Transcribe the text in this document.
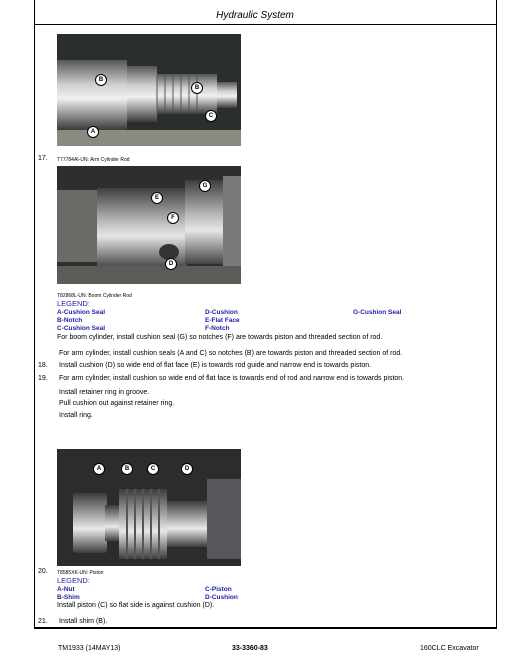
Hydraulic System
B
B
A
C
17. T77784AI-UN: Arm Cylinder Rod
G
E
F
D
T82868L-UN: Boom Cylinder Rod
LEGEND:
A-Cushion Seal
B-Notch
C-Cushion Seal
D-Cushion
E-Flat Face
F-Notch
G-Cushion Seal
For boom cylinder, install cushion seal (G) so notches (F) are towards piston and threaded section of rod.
For arm cylinder, install cushion seals (A and C) so notches (B) are towards piston and threaded section of rod.
18. Install cushion (D) so wide end of flat face (E) is towards rod guide and narrow end is towards piston.
19. For arm cylinder, install cushion so wide end of flat face is towards end of rod and narrow end is towards piston.
Install retainer ring in groove.
Pull cushion out against retainer ring.
Install ring.
A	B	C	D
20. T8585XK-UN: Piston
LEGEND:
A-Nut
B-Shim
C-Piston
D-Cushion
Install piston (C) so flat side is against cushion (D).
21. Install shim (B).
TM1933 (14MAY13)	33-3360-83	160CLC Excavator
